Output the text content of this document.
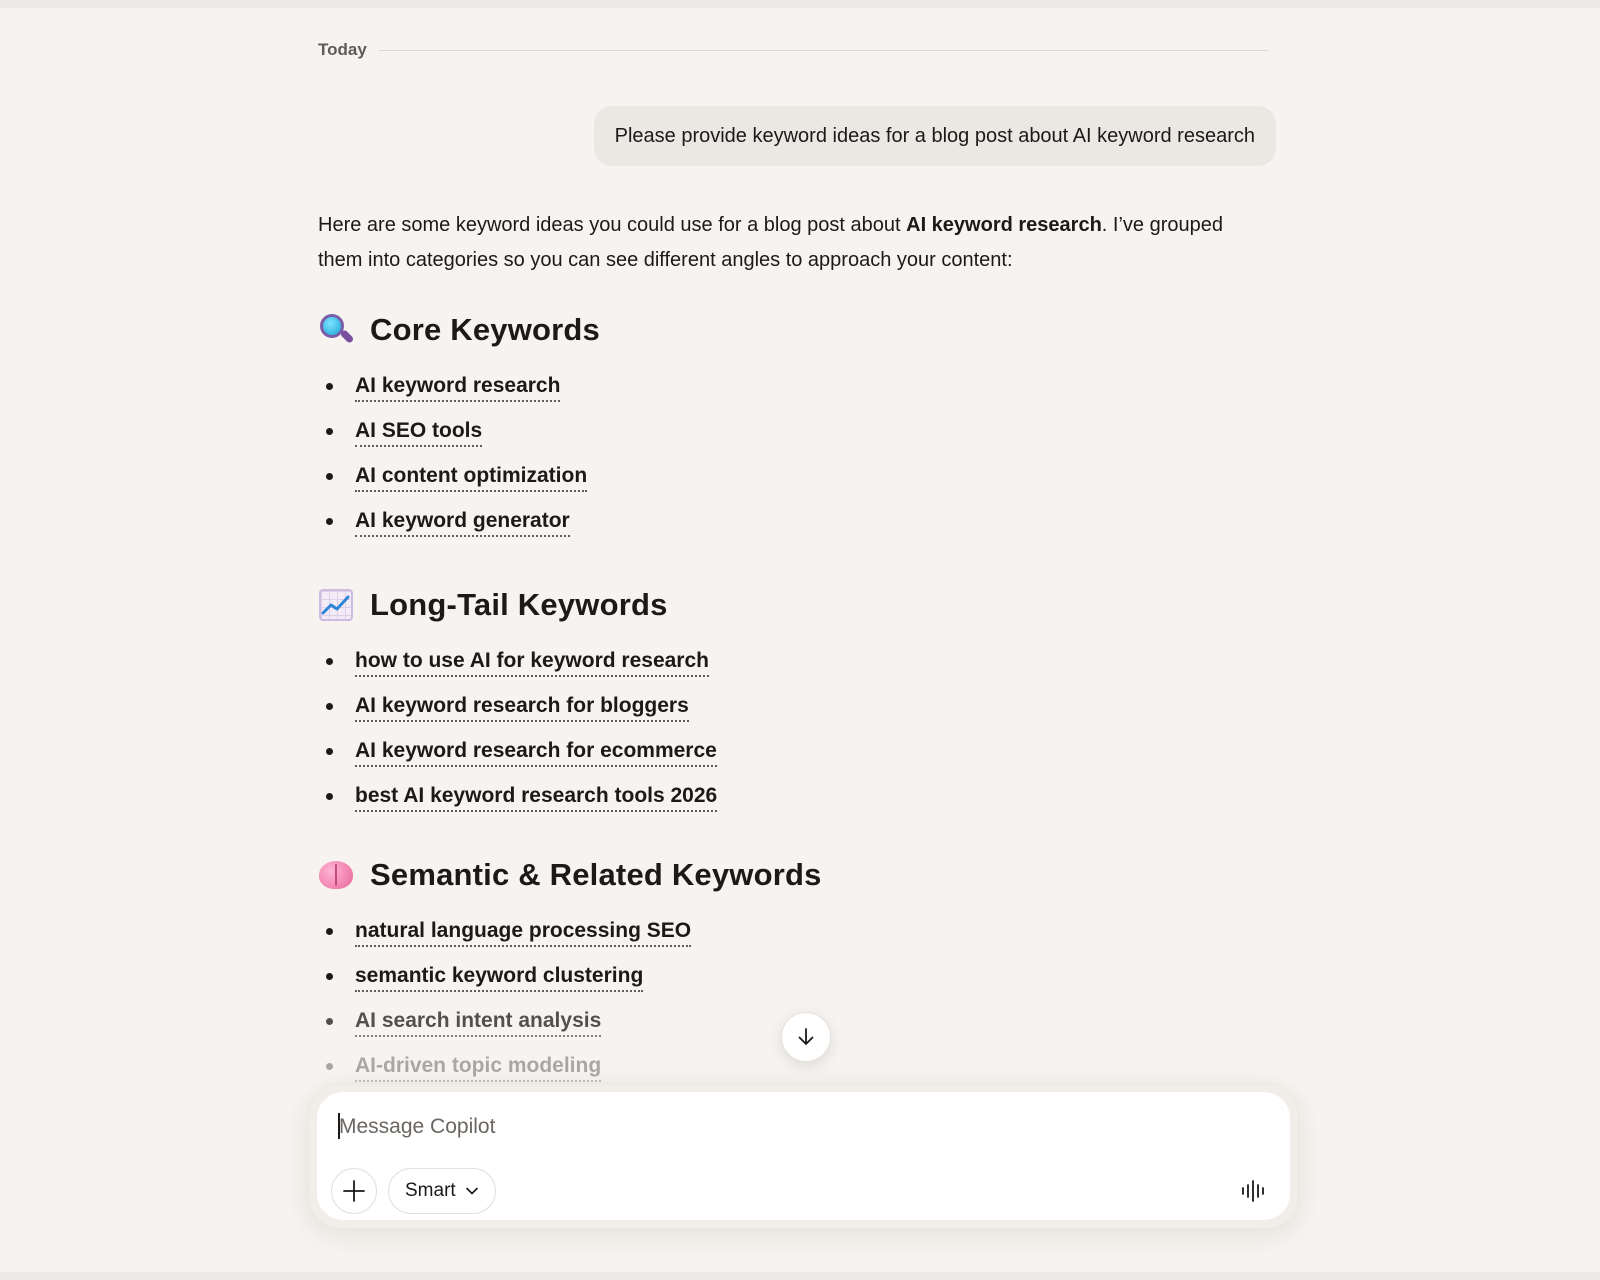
Today
Please provide keyword ideas for a blog post about AI keyword research

Here are some keyword ideas you could use for a blog post about AI keyword research. I’ve grouped them into categories so you can see different angles to approach your content:

Core Keywords
AI keyword research
AI SEO tools
AI content optimization
AI keyword generator
Long-Tail Keywords
how to use AI for keyword research
AI keyword research for bloggers
AI keyword research for ecommerce
best AI keyword research tools 2026
Semantic & Related Keywords
natural language processing SEO
semantic keyword clustering
AI search intent analysis
AI-driven topic modeling
Message Copilot
Smart
